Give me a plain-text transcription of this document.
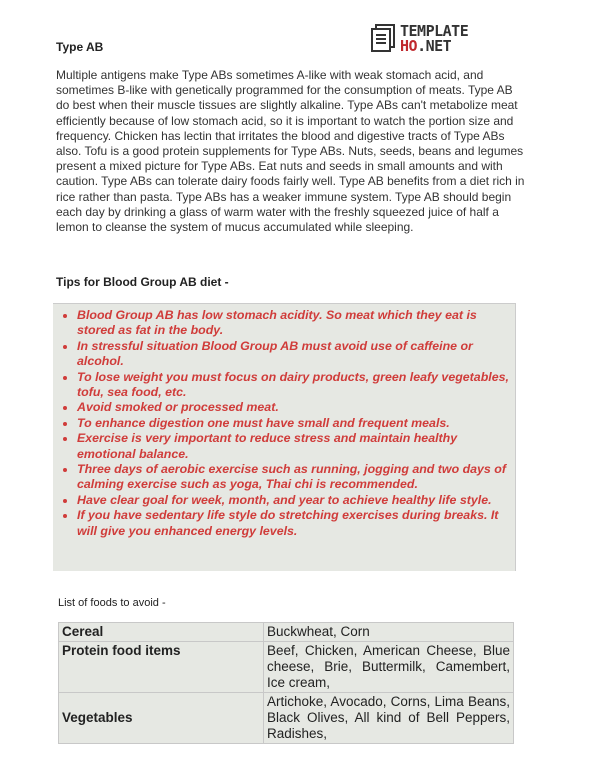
TEMPLATE
HO.NET
Type AB
Multiple antigens make Type ABs sometimes A-like with weak stomach acid, and sometimes B-like with genetically programmed for the consumption of meats. Type AB do best when their muscle tissues are slightly alkaline. Type ABs can't metabolize meat efficiently because of low stomach acid, so it is important to watch the portion size and frequency. Chicken has lectin that irritates the blood and digestive tracts of Type ABs also. Tofu is a good protein supplements for Type ABs. Nuts, seeds, beans and legumes present a mixed picture for Type ABs. Eat nuts and seeds in small amounts and with caution. Type ABs can tolerate dairy foods fairly well. Type AB benefits from a diet rich in rice rather than pasta. Type ABs has a weaker immune system. Type AB should begin each day by drinking a glass of warm water with the freshly squeezed juice of half a lemon to cleanse the system of mucus accumulated while sleeping.
Tips for Blood Group AB diet -
• Blood Group AB has low stomach acidity. So meat which they eat is stored as fat in the body.
• In stressful situation Blood Group AB must avoid use of caffeine or alcohol.
• To lose weight you must focus on dairy products, green leafy vegetables, tofu, sea food, etc.
• Avoid smoked or processed meat.
• To enhance digestion one must have small and frequent meals.
• Exercise is very important to reduce stress and maintain healthy emotional balance.
• Three days of aerobic exercise such as running, jogging and two days of calming exercise such as yoga, Thai chi is recommended.
• Have clear goal for week, month, and year to achieve healthy life style.
• If you have sedentary life style do stretching exercises during breaks. It will give you enhanced energy levels.
List of foods to avoid -
Cereal	Buckwheat, Corn
Protein food items	Beef, Chicken, American Cheese, Blue cheese, Brie, Buttermilk, Camembert, Ice cream,
Vegetables	Artichoke, Avocado, Corns, Lima Beans, Black Olives, All kind of Bell Peppers, Radishes,
